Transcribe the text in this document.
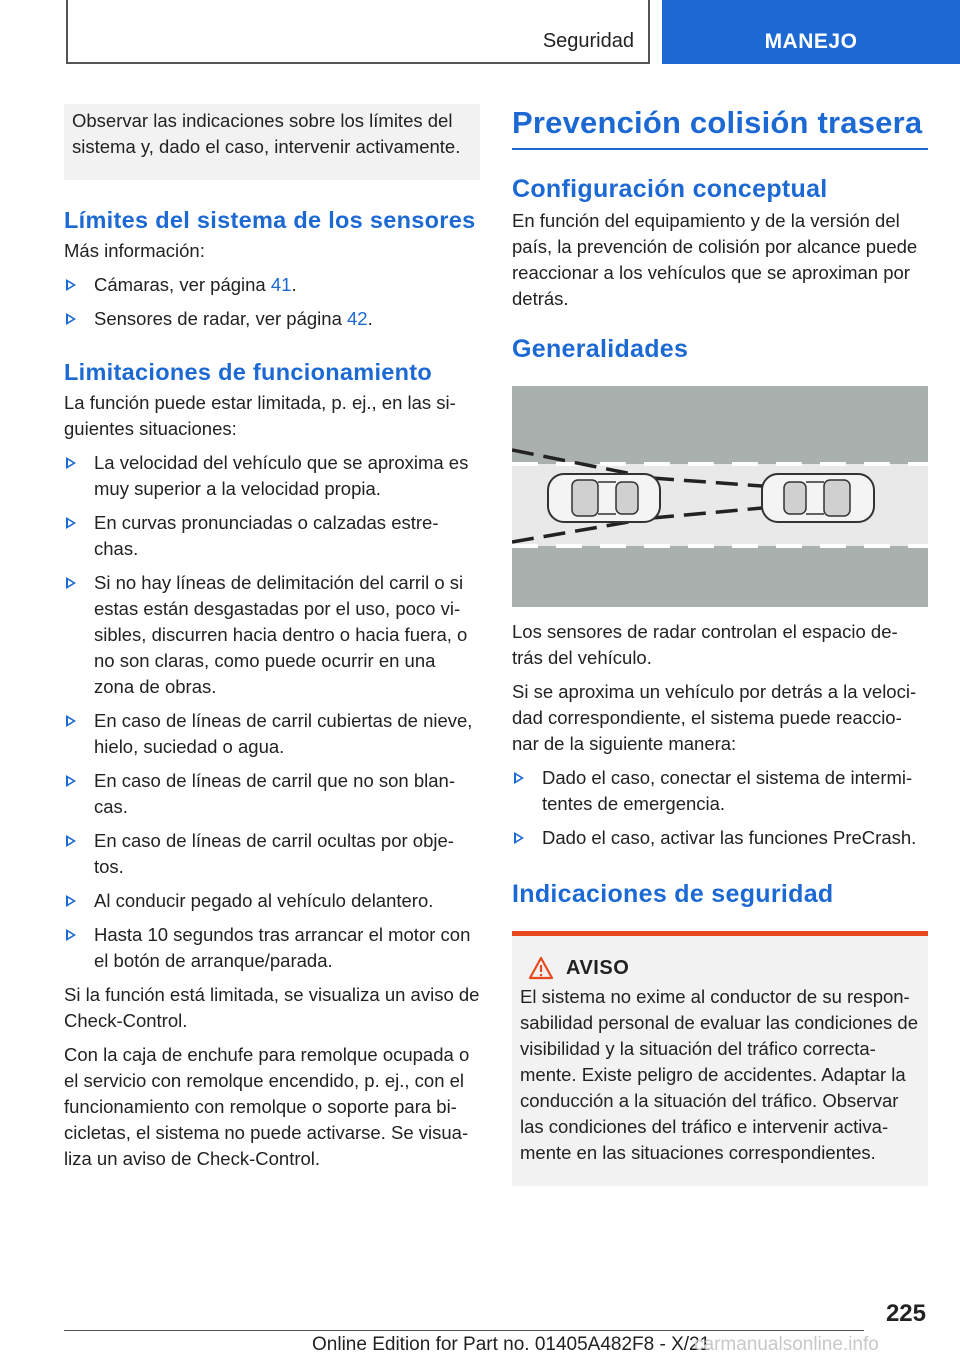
Seguridad	MANEJO

Observar las indicaciones sobre los límites del sistema y, dado el caso, intervenir activamente.

Límites del sistema de los sensores

Más información:

Cámaras, ver página 41.
Sensores de radar, ver página 42.
Limitaciones de funcionamiento

La función puede estar limitada, p. ej., en las si- guientes situaciones:

La velocidad del vehículo que se aproxima es muy superior a la velocidad propia.
En curvas pronunciadas o calzadas estre- chas.
Si no hay líneas de delimitación del carril o si estas están desgastadas por el uso, poco vi- sibles, discurren hacia dentro o hacia fuera, o no son claras, como puede ocurrir en una zona de obras.
En caso de líneas de carril cubiertas de nieve, hielo, suciedad o agua.
En caso de líneas de carril que no son blan- cas.
En caso de líneas de carril ocultas por obje- tos.
Al conducir pegado al vehículo delantero.
Hasta 10 segundos tras arrancar el motor con el botón de arranque/parada.

Si la función está limitada, se visualiza un aviso de Check-Control.

Con la caja de enchufe para remolque ocupada o el servicio con remolque encendido, p. ej., con el funcionamiento con remolque o soporte para bi- cicletas, el sistema no puede activarse. Se visua- liza un aviso de Check-Control.

Prevención colisión trasera
Configuración conceptual

En función del equipamiento y de la versión del país, la prevención de colisión por alcance puede reaccionar a los vehículos que se aproximan por detrás.

Generalidades

Los sensores de radar controlan el espacio de- trás del vehículo.

Si se aproxima un vehículo por detrás a la veloci- dad correspondiente, el sistema puede reaccio- nar de la siguiente manera:

Dado el caso, conectar el sistema de intermi- tentes de emergencia.
Dado el caso, activar las funciones PreCrash.
Indicaciones de seguridad
AVISO

El sistema no exime al conductor de su respon- sabilidad personal de evaluar las condiciones de visibilidad y la situación del tráfico correcta- mente. Existe peligro de accidentes. Adaptar la conducción a la situación del tráfico. Observar las condiciones del tráfico e intervenir activa- mente en las situaciones correspondientes.

225
Online Edition for Part no. 01405A482F8 - X/21
carmanualsonline.info
